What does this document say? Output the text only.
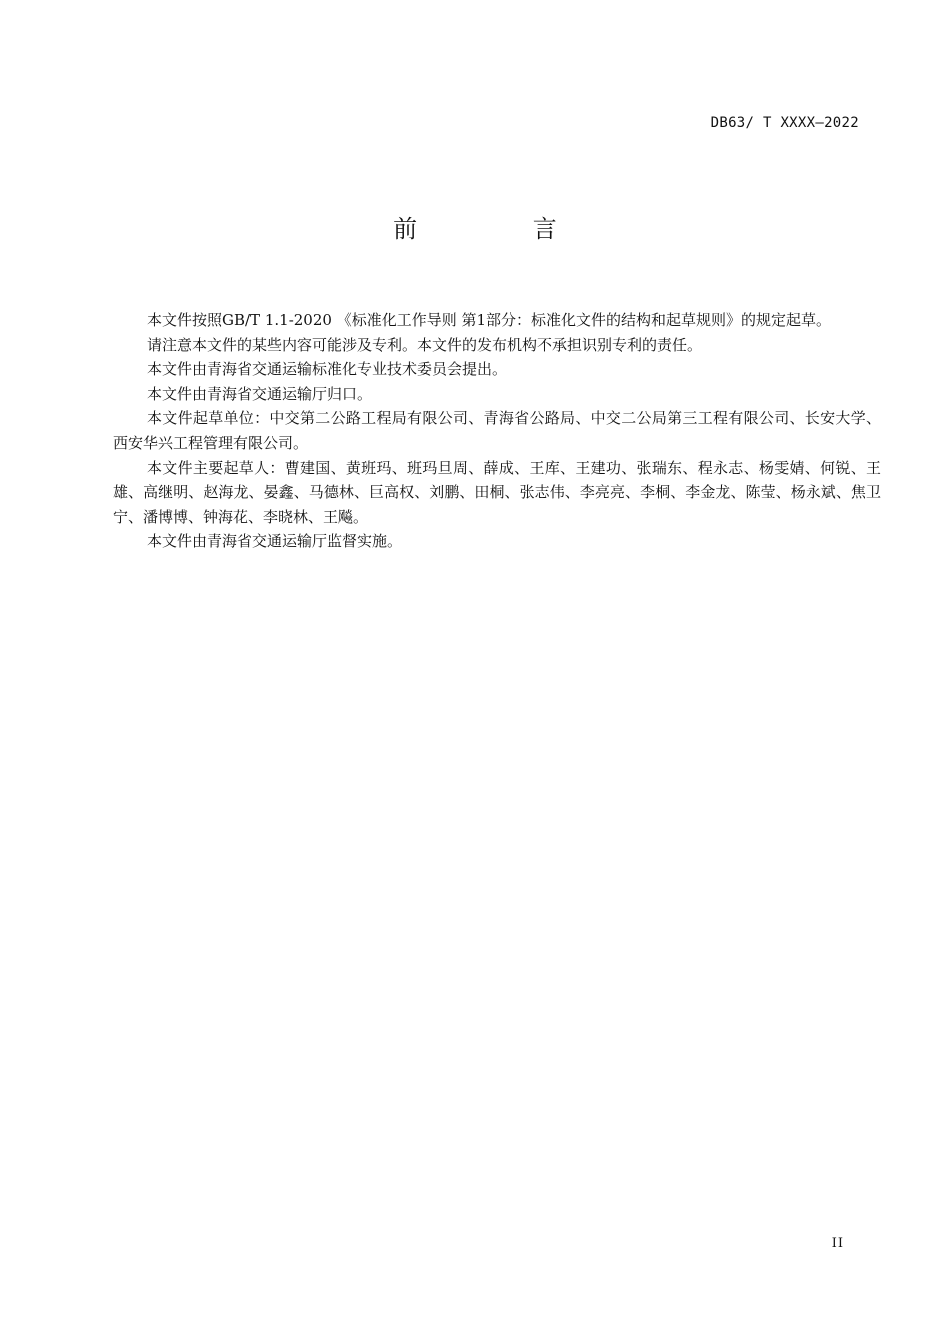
DB63/ T XXXX—2022
前 言

本文件按照GB/T 1.1-2020 《标准化工作导则 第1部分：标准化文件的结构和起草规则》的规定起草。

请注意本文件的某些内容可能涉及专利。本文件的发布机构不承担识别专利的责任。

本文件由青海省交通运输标准化专业技术委员会提出。

本文件由青海省交通运输厅归口。

本文件起草单位：中交第二公路工程局有限公司、青海省公路局、中交二公局第三工程有限公司、长安大学、西安华兴工程管理有限公司。

本文件主要起草人：曹建国、黄班玛、班玛旦周、薛成、王库、王建功、张瑞东、程永志、杨雯婧、何锐、王雄、高继明、赵海龙、晏鑫、马德林、巨高权、刘鹏、田桐、张志伟、李亮亮、李桐、李金龙、陈莹、杨永斌、焦卫宁、潘博博、钟海花、李晓林、王飚。

本文件由青海省交通运输厅监督实施。

II
